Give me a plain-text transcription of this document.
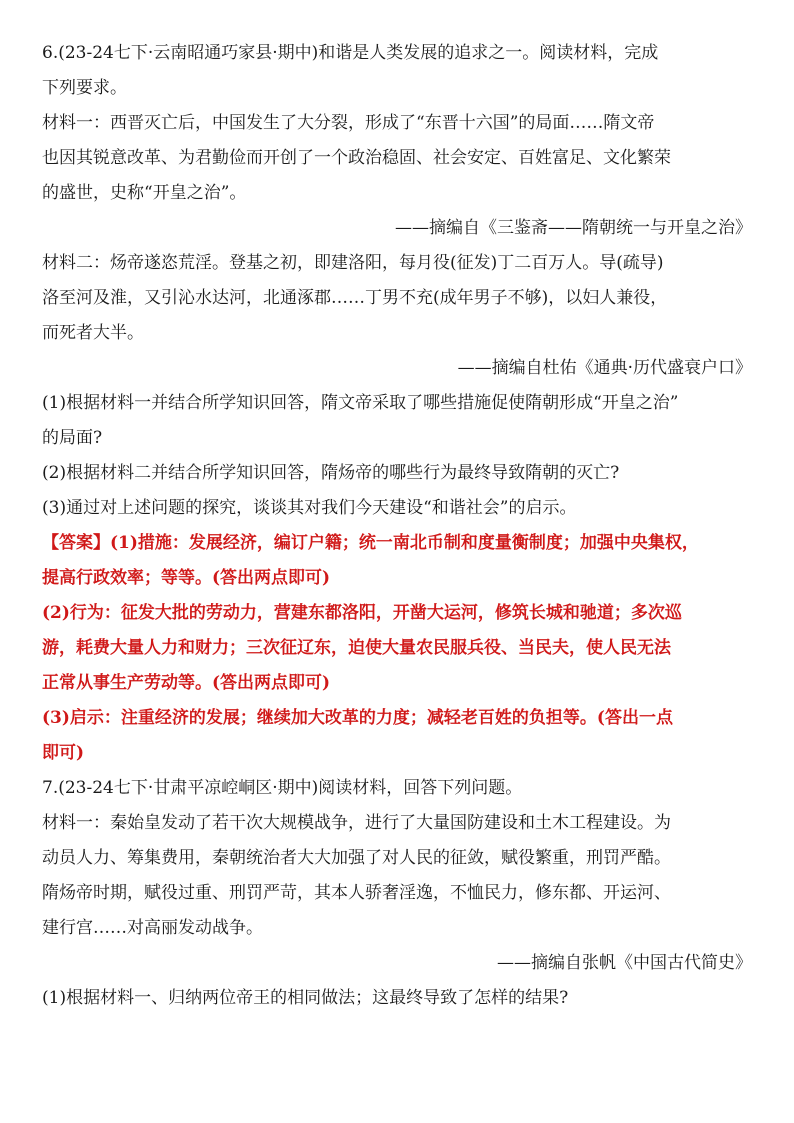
6.(23-24七下·云南昭通巧家县·期中)和谐是人类发展的追求之一。阅读材料，完成
下列要求。
材料一：西晋灭亡后，中国发生了大分裂，形成了“东晋十六国”的局面……隋文帝
也因其锐意改革、为君勤俭而开创了一个政治稳固、社会安定、百姓富足、文化繁荣
的盛世，史称“开皇之治”。
——摘编自《三鉴斋——隋朝统一与开皇之治》
材料二：炀帝遂恣荒淫。登基之初，即建洛阳，每月役(征发)丁二百万人。导(疏导)
洛至河及淮，又引沁水达河，北通涿郡……丁男不充(成年男子不够)，以妇人兼役，
而死者大半。
——摘编自杜佑《通典·历代盛衰户口》
(1)根据材料一并结合所学知识回答，隋文帝采取了哪些措施促使隋朝形成“开皇之治”
的局面?
(2)根据材料二并结合所学知识回答，隋炀帝的哪些行为最终导致隋朝的灭亡?
(3)通过对上述问题的探究，谈谈其对我们今天建设“和谐社会”的启示。
【答案】(1)措施：发展经济，编订户籍；统一南北币制和度量衡制度；加强中央集权，
提高行政效率；等等。(答出两点即可)
(2)行为：征发大批的劳动力，营建东都洛阳，开凿大运河，修筑长城和驰道；多次巡
游，耗费大量人力和财力；三次征辽东，迫使大量农民服兵役、当民夫，使人民无法
正常从事生产劳动等。(答出两点即可)
(3)启示：注重经济的发展；继续加大改革的力度；减轻老百姓的负担等。(答出一点
即可)
7.(23-24七下·甘肃平凉崆峒区·期中)阅读材料，回答下列问题。
材料一：秦始皇发动了若干次大规模战争，进行了大量国防建设和土木工程建设。为
动员人力、筹集费用，秦朝统治者大大加强了对人民的征敛，赋役繁重，刑罚严酷。
隋炀帝时期，赋役过重、刑罚严苛，其本人骄奢淫逸，不恤民力，修东都、开运河、
建行宫……对高丽发动战争。
——摘编自张帆《中国古代简史》
(1)根据材料一、归纳两位帝王的相同做法；这最终导致了怎样的结果?
